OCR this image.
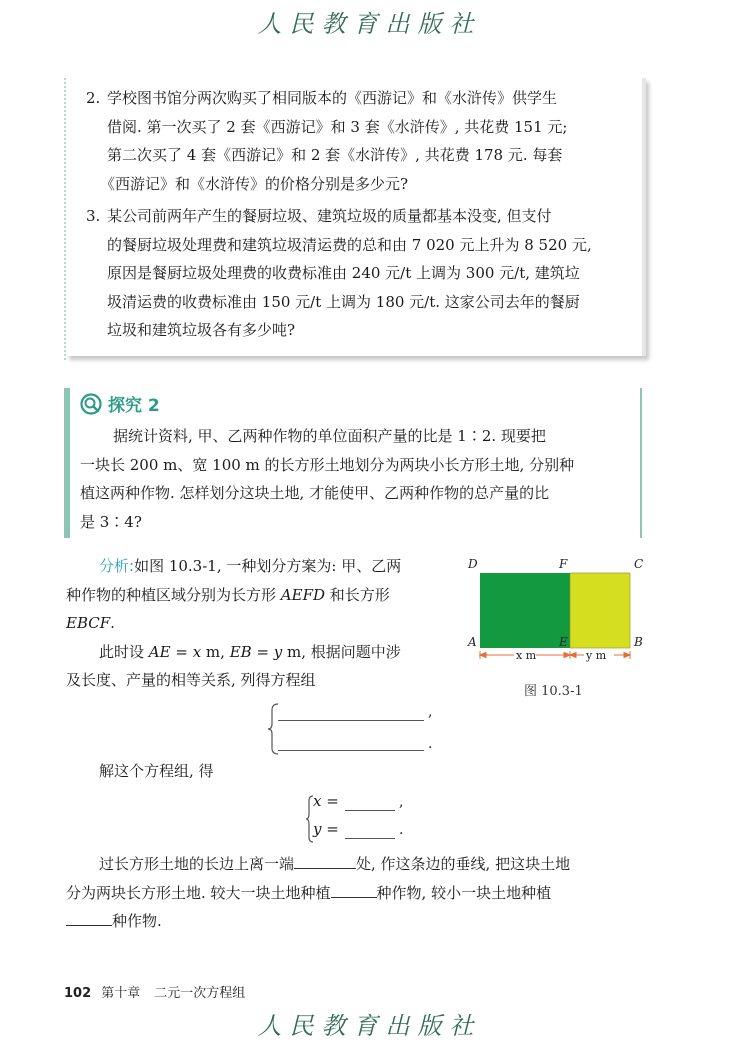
人民教育出版社
2. 学校图书馆分两次购买了相同版本的《西游记》和《水浒传》供学生
借阅. 第一次买了 2 套《西游记》和 3 套《水浒传》, 共花费 151 元;
第二次买了 4 套《西游记》和 2 套《水浒传》, 共花费 178 元. 每套
《西游记》和《水浒传》的价格分别是多少元?
3. 某公司前两年产生的餐厨垃圾、建筑垃圾的质量都基本没变, 但支付
的餐厨垃圾处理费和建筑垃圾清运费的总和由 7 020 元上升为 8 520 元,
原因是餐厨垃圾处理费的收费标准由 240 元/t 上调为 300 元/t, 建筑垃
圾清运费的收费标准由 150 元/t 上调为 180 元/t. 这家公司去年的餐厨
垃圾和建筑垃圾各有多少吨?
探究 2
据统计资料, 甲、乙两种作物的单位面积产量的比是 1∶2. 现要把
一块长 200 m、宽 100 m 的长方形土地划分为两块小长方形土地, 分别种
植这两种作物. 怎样划分这块土地, 才能使甲、乙两种作物的总产量的比
是 3∶4?
分析:如图 10.3-1, 一种划分方案为: 甲、乙两
种作物的种植区域分别为长方形 AEFD 和长方形
EBCF.
此时设 AE = x m, EB = y m, 根据问题中涉
及长度、产量的相等关系, 列得方程组
D	F	C
A	E	B
x m	y m
图 10.3-1
,
.
解这个方程组, 得
x =	,
y =	.
过长方形土地的长边上离一端	处, 作这条边的垂线, 把这块土地
分为两块长方形土地. 较大一块土地种植	种作物, 较小一块土地种植
种作物.
102 第十章 二元一次方程组
人民教育出版社
